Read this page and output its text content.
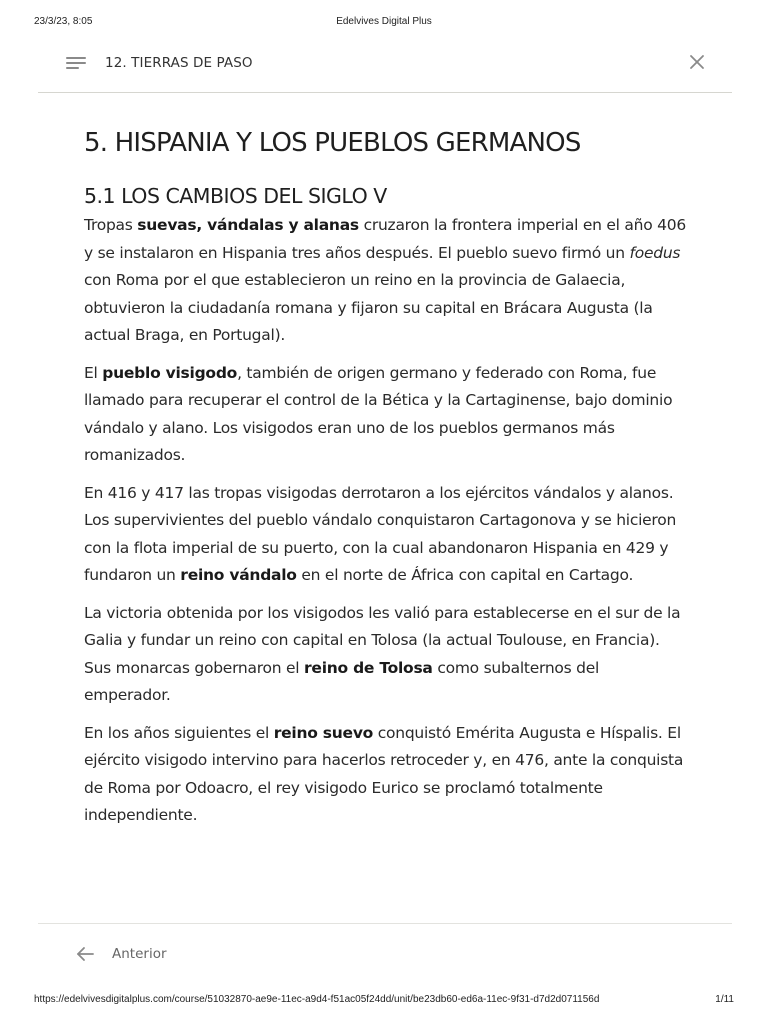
23/3/23, 8:05	Edelvives Digital Plus
12. TIERRAS DE PASO
5. HISPANIA Y LOS PUEBLOS GERMANOS
5.1 LOS CAMBIOS DEL SIGLO V

Tropas suevas, vándalas y alanas cruzaron la frontera imperial en el año 406 y se instalaron en Hispania tres años después. El pueblo suevo firmó un foedus con Roma por el que establecieron un reino en la provincia de Galaecia, obtuvieron la ciudadanía romana y fijaron su capital en Brácara Augusta (la actual Braga, en Portugal).

El pueblo visigodo, también de origen germano y federado con Roma, fue llamado para recuperar el control de la Bética y la Cartaginense, bajo dominio vándalo y alano. Los visigodos eran uno de los pueblos germanos más romanizados.

En 416 y 417 las tropas visigodas derrotaron a los ejércitos vándalos y alanos. Los supervivientes del pueblo vándalo conquistaron Cartagonova y se hicieron con la flota imperial de su puerto, con la cual abandonaron Hispania en 429 y fundaron un reino vándalo en el norte de África con capital en Cartago.

La victoria obtenida por los visigodos les valió para establecerse en el sur de la Galia y fundar un reino con capital en Tolosa (la actual Toulouse, en Francia). Sus monarcas gobernaron el reino de Tolosa como subalternos del emperador.

En los años siguientes el reino suevo conquistó Emérita Augusta e Híspalis. El ejército visigodo intervino para hacerlos retroceder y, en 476, ante la conquista de Roma por Odoacro, el rey visigodo Eurico se proclamó totalmente independiente.

Anterior
https://edelvivesdigitalplus.com/course/51032870-ae9e-11ec-a9d4-f51ac05f24dd/unit/be23db60-ed6a-11ec-9f31-d7d2d071156d	1/11
